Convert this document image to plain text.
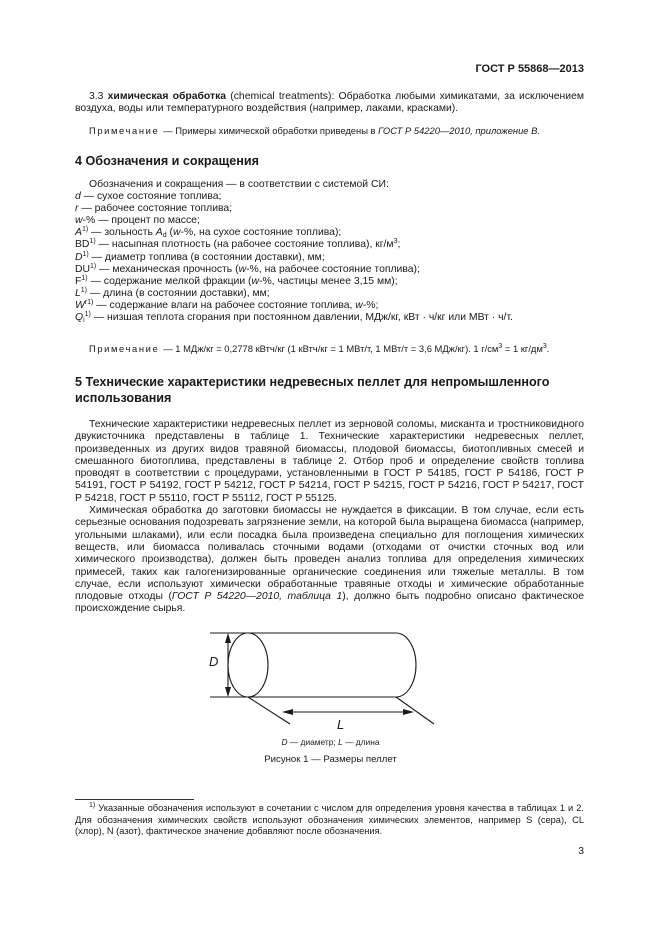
ГОСТ Р 55868—2013

3.3 химическая обработка (chemical treatments): Обработка любыми химикатами, за исключением воздуха, воды или температурного воздействия (например, лаками, красками).

Примечание — Примеры химической обработки приведены в ГОСТ Р 54220—2010, приложение В.

4 Обозначения и сокращения

Обозначения и сокращения — в соответствии с системой СИ:

d — сухое состояние топлива;

r — рабочее состояние топлива;

w-% — процент по массе;

$A^{1)}$ — зольность $A_d$ (w-%, на сухое состояние топлива);

BD$^{1)}$ — насыпная плотность (на рабочее состояние топлива), $кг/м^3$;

$D^{1)}$ — диаметр топлива (в состоянии доставки), мм;

DU$^{1)}$ — механическая прочность (w-%, на рабочее состояние топлива);

$F^{1)}$ — содержание мелкой фракции (w-%, частицы менее 3,15 мм);

$L^{1)}$ — длина (в состоянии доставки), мм;

$W^{r1)}$ — содержание влаги на рабочее состояние топлива, w-%;

$Q_i^{1)}$ — низшая теплота сгорания при постоянном давлении, МДж/кг, кВт · ч/кг или МВт · ч/т.

Примечание — 1 МДж/кг = 0,2778 кВтч/кг (1 кВтч/кг = 1 МВт/т, 1 МВт/т = 3,6 МДж/кг). 1 $г/см^3 = 1$ $кг/дм^3$.

5 Технические характеристики недревесных пеллет для непромышленного использования

Технические характеристики недревесных пеллет из зерновой соломы, мисканта и тростниковидного двукисточника представлены в таблице 1. Технические характеристики недревесных пеллет, произведенных из других видов травяной биомассы, плодовой биомассы, биотопливных смесей и смешанного биотоплива, представлены в таблице 2. Отбор проб и определение свойств топлива проводят в соответствии с процедурами, установленными в ГОСТ Р 54185, ГОСТ Р 54186, ГОСТ Р 54191, ГОСТ Р 54192, ГОСТ Р 54212, ГОСТ Р 54214, ГОСТ Р 54215, ГОСТ Р 54216, ГОСТ Р 54217, ГОСТ Р 54218, ГОСТ Р 55110, ГОСТ Р 55112, ГОСТ Р 55125.

Химическая обработка до заготовки биомассы не нуждается в фиксации. В том случае, если есть серьезные основания подозревать загрязнение земли, на которой была выращена биомасса (например, угольными шлаками), или если посадка была произведена специально для поглощения химических веществ, или биомасса поливалась сточными водами (отходами от очистки сточных вод или химического производства), должен быть проведен анализ топлива для определения химических примесей, таких как галогенизированные органические соединения или тяжелые металлы. В том случае, если используют химически обработанные травяные отходы и химические обработанные плодовые отходы (ГОСТ Р 54220—2010, таблица 1), должно быть подробно описано фактическое происхождение сырья.

D
L
D — диаметр; L — длина
Рисунок 1 — Размеры пеллет

$^{1)}$ Указанные обозначения используют в сочетании с числом для определения уровня качества в таблицах 1 и 2. Для обозначения химических свойств используют обозначения химических элементов, например S (сера), CL (хлор), N (азот), фактическое значение добавляют после обозначения.

3
